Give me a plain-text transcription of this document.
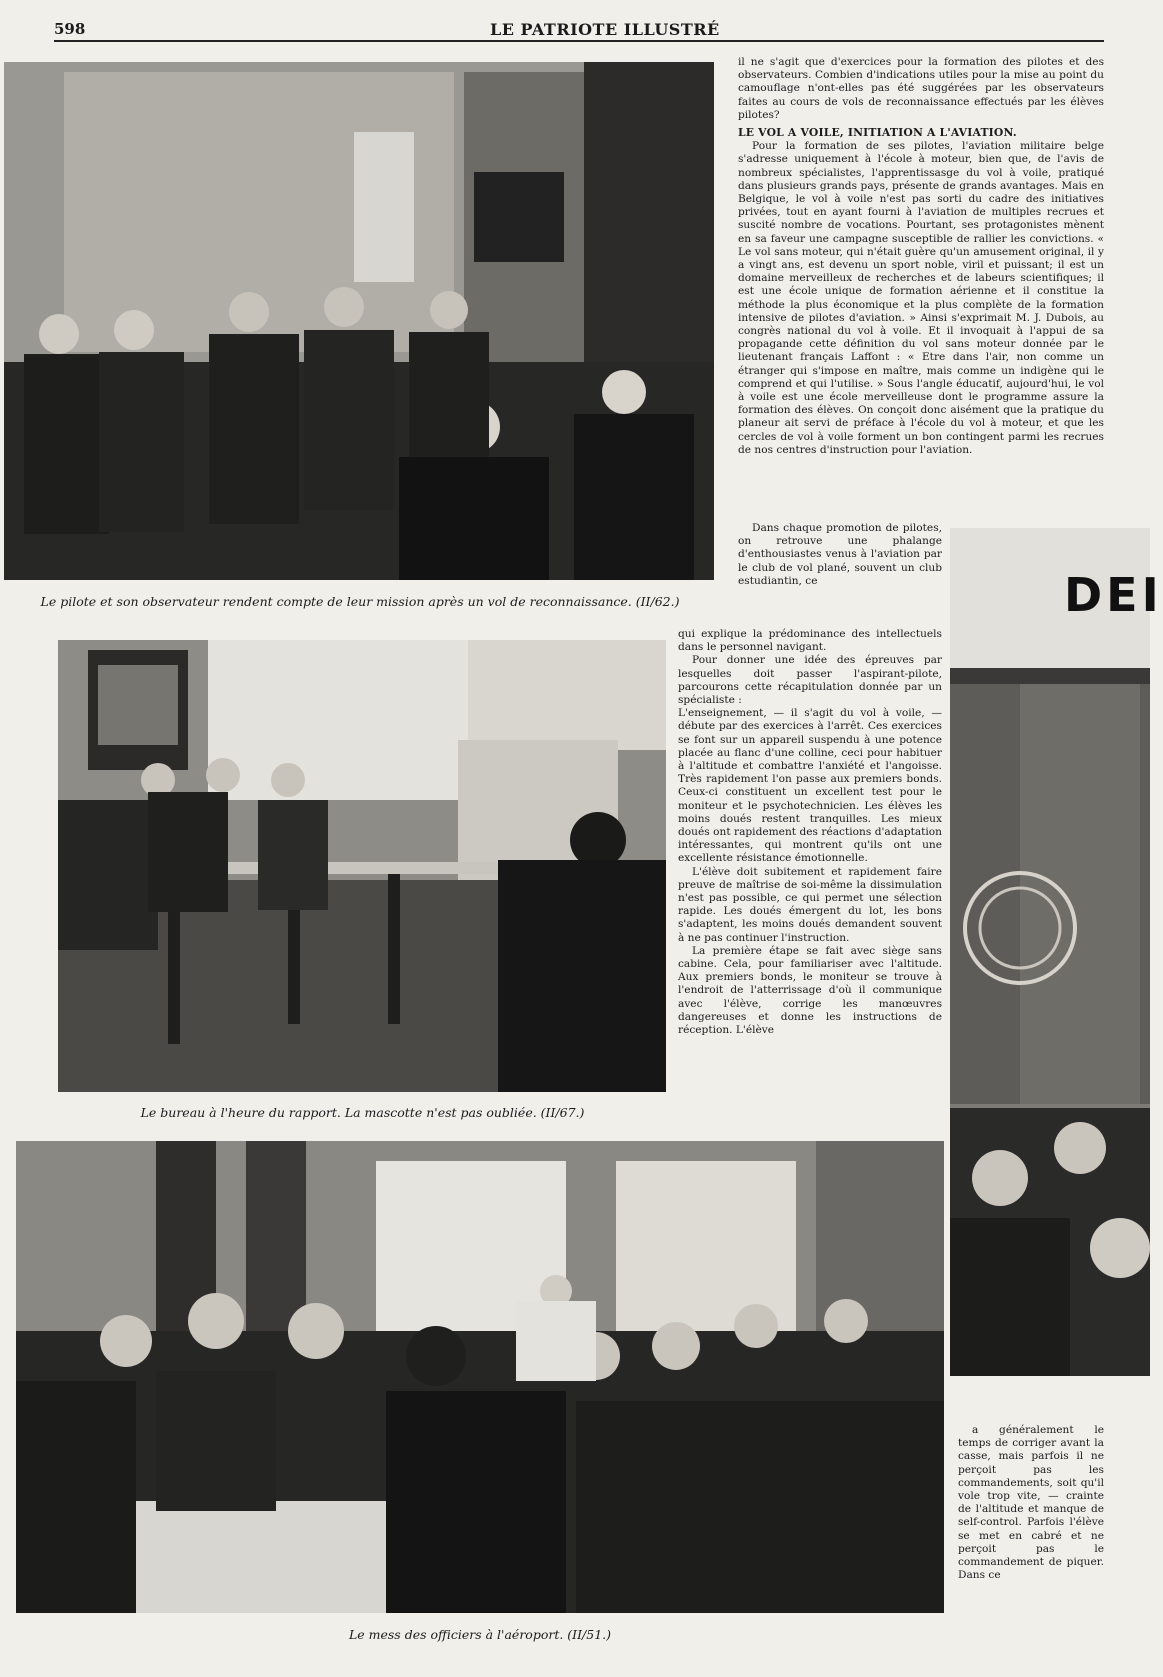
598	LE PATRIOTE ILLUSTRÉ
Le pilote et son observateur rendent compte de leur mission après un vol de reconnaissance. (II/62.)
Le bureau à l'heure du rapport. La mascotte n'est pas oubliée. (II/67.)
Le mess des officiers à l'aéroport. (II/51.)
DEI

il ne s'agit que d'exercices pour la formation des pilotes et des observateurs. Combien d'indications utiles pour la mise au point du camouflage n'ont-elles pas été suggérées par les observateurs faites au cours de vols de reconnaissance effectués par les élèves pilotes?

LE VOL A VOILE, INITIATION A L'AVIATION.

Pour la formation de ses pilotes, l'aviation militaire belge s'adresse uniquement à l'école à moteur, bien que, de l'avis de nombreux spécialistes, l'apprentissasge du vol à voile, pratiqué dans plusieurs grands pays, présente de grands avantages. Mais en Belgique, le vol à voile n'est pas sorti du cadre des initiatives privées, tout en ayant fourni à l'aviation de multiples recrues et suscité nombre de vocations. Pourtant, ses protagonistes mènent en sa faveur une campagne susceptible de rallier les convictions. « Le vol sans moteur, qui n'était guère qu'un amusement original, il y a vingt ans, est devenu un sport noble, viril et puissant; il est un domaine merveilleux de recherches et de labeurs scientifiques; il est une école unique de formation aérienne et il constitue la méthode la plus économique et la plus complète de la formation intensive de pilotes d'aviation. » Ainsi s'exprimait M. J. Dubois, au congrès national du vol à voile. Et il invoquait à l'appui de sa propagande cette définition du vol sans moteur donnée par le lieutenant français Laffont : « Etre dans l'air, non comme un étranger qui s'impose en maître, mais comme un indigène qui le comprend et qui l'utilise. » Sous l'angle éducatif, aujourd'hui, le vol à voile est une école merveilleuse dont le programme assure la formation des élèves. On conçoit donc aisément que la pratique du planeur ait servi de préface à l'école du vol à moteur, et que les cercles de vol à voile forment un bon contingent parmi les recrues de nos centres d'instruction pour l'aviation.

Dans chaque promotion de pilotes, on retrouve une phalange d'enthousiastes venus à l'aviation par le club de vol plané, souvent un club estudiantin, ce

qui explique la prédominance des intellectuels dans le personnel navigant.

Pour donner une idée des épreuves par lesquelles doit passer l'aspirant-pilote, parcourons cette récapitulation donnée par un spécialiste :

L'enseignement, — il s'agit du vol à voile, — débute par des exercices à l'arrêt. Ces exercices se font sur un appareil suspendu à une potence placée au flanc d'une colline, ceci pour habituer à l'altitude et combattre l'anxiété et l'angoisse. Très rapidement l'on passe aux premiers bonds. Ceux-ci constituent un excellent test pour le moniteur et le psychotechnicien. Les élèves les moins doués restent tranquilles. Les mieux doués ont rapidement des réactions d'adaptation intéressantes, qui montrent qu'ils ont une excellente résistance émotionnelle.

L'élève doit subitement et rapidement faire preuve de maîtrise de soi-même la dissimulation n'est pas possible, ce qui permet une sélection rapide. Les doués émergent du lot, les bons s'adaptent, les moins doués demandent souvent à ne pas continuer l'instruction.

La première étape se fait avec siège sans cabine. Cela, pour familiariser avec l'altitude. Aux premiers bonds, le moniteur se trouve à l'endroit de l'atterrissage d'où il communique avec l'élève, corrige les manœuvres dangereuses et donne les instructions de réception. L'élève

a généralement le temps de corriger avant la casse, mais parfois il ne perçoit pas les commandements, soit qu'il vole trop vite, — crainte de l'altitude et manque de self-control. Parfois l'élève se met en cabré et ne perçoit pas le commandement de piquer. Dans ce
